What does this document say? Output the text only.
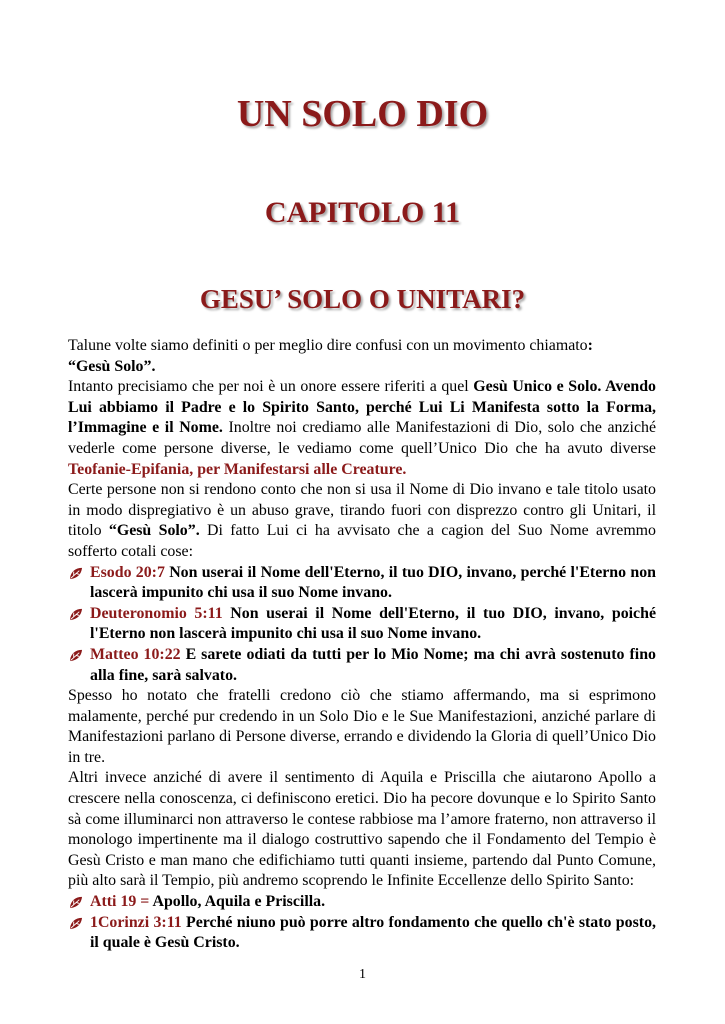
UN SOLO DIO
CAPITOLO 11
GESU’ SOLO O UNITARI?

Talune volte siamo definiti o per meglio dire confusi con un movimento chiamato:
“Gesù Solo”.

Intanto precisiamo che per noi è un onore essere riferiti a quel Gesù Unico e Solo. Avendo Lui abbiamo il Padre e lo Spirito Santo, perché Lui Li Manifesta sotto la Forma, l’Immagine e il Nome. Inoltre noi crediamo alle Manifestazioni di Dio, solo che anziché vederle come persone diverse, le vediamo come quell’Unico Dio che ha avuto diverse Teofanie-Epifania, per Manifestarsi alle Creature.

Certe persone non si rendono conto che non si usa il Nome di Dio invano e tale titolo usato in modo dispregiativo è un abuso grave, tirando fuori con disprezzo contro gli Unitari, il titolo “Gesù Solo”. Di fatto Lui ci ha avvisato che a cagion del Suo Nome avremmo sofferto cotali cose:

Esodo 20:7 Non userai il Nome dell'Eterno, il tuo DIO, invano, perché l'Eterno non lascerà impunito chi usa il suo Nome invano.
Deuteronomio 5:11 Non userai il Nome dell'Eterno, il tuo DIO, invano, poiché l'Eterno non lascerà impunito chi usa il suo Nome invano.
Matteo 10:22 E sarete odiati da tutti per lo Mio Nome; ma chi avrà sostenuto fino alla fine, sarà salvato.

Spesso ho notato che fratelli credono ciò che stiamo affermando, ma si esprimono malamente, perché pur credendo in un Solo Dio e le Sue Manifestazioni, anziché parlare di Manifestazioni parlano di Persone diverse, errando e dividendo la Gloria di quell’Unico Dio in tre.

Altri invece anziché di avere il sentimento di Aquila e Priscilla che aiutarono Apollo a crescere nella conoscenza, ci definiscono eretici. Dio ha pecore dovunque e lo Spirito Santo sà come illuminarci non attraverso le contese rabbiose ma l’amore fraterno, non attraverso il monologo impertinente ma il dialogo costruttivo sapendo che il Fondamento del Tempio è Gesù Cristo e man mano che edifichiamo tutti quanti insieme, partendo dal Punto Comune, più alto sarà il Tempio, più andremo scoprendo le Infinite Eccellenze dello Spirito Santo:

Atti 19 = Apollo, Aquila e Priscilla.
1Corinzi 3:11 Perché niuno può porre altro fondamento che quello ch'è stato posto, il quale è Gesù Cristo.
1
